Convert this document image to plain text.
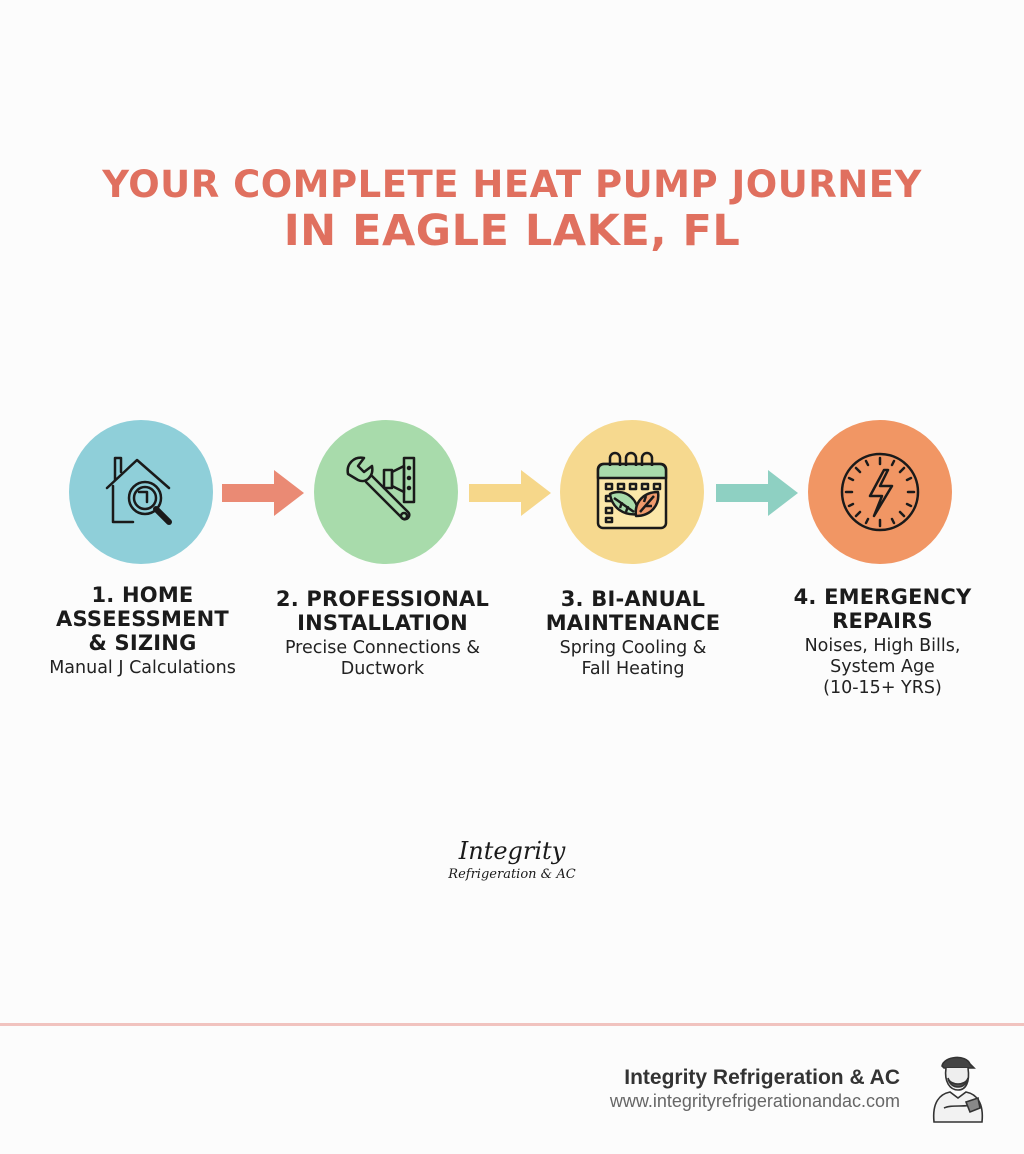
YOUR COMPLETE HEAT PUMP JOURNEY
IN EAGLE LAKE, FL
1. HOME
ASSEESSMENT
& SIZING
Manual J Calculations
2. PROFESSIONAL
INSTALLATION
Precise Connections &
Ductwork
3. BI-ANUAL
MAINTENANCE
Spring Cooling &
Fall Heating
4. EMERGENCY
REPAIRS
Noises, High Bills,
System Age
(10-15+ YRS)
Integrity
Refrigeration & AC
Integrity Refrigeration & AC
www.integrityrefrigerationandac.com
